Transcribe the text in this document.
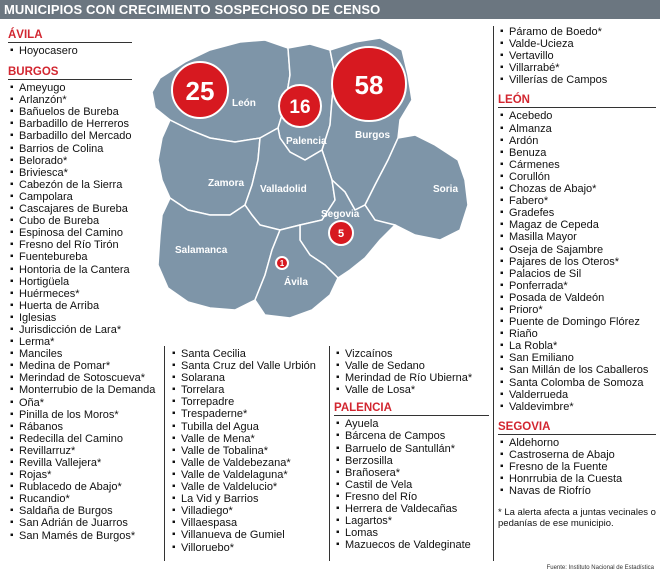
MUNICIPIOS CON CRECIMIENTO SOSPECHOSO DE CENSO
León
Palencia
Burgos
Zamora
Valladolid	Soria
Segovia
Salamanca
Ávila
25
16
58
5
1
ÁVILA
▪ Hoyocasero
BURGOS
▪ Ameyugo
▪ Arlanzón*
▪ Bañuelos de Bureba
▪ Barbadillo de Herreros
▪ Barbadillo del Mercado
▪ Barrios de Colina
▪ Belorado*
▪ Briviesca*
▪ Cabezón de la Sierra
▪ Campolara
▪ Cascajares de Bureba
▪ Cubo de Bureba
▪ Espinosa del Camino
▪ Fresno del Río Tirón
▪ Fuentebureba
▪ Hontoria de la Cantera
▪ Hortigüela
▪ Huérmeces*
▪ Huerta de Arriba
▪ Iglesias
▪ Jurisdicción de Lara*
▪ Lerma*
▪ Manciles
▪ Medina de Pomar*
▪ Merindad de Sotoscueva*
▪ Monterrubio de la Demanda
▪ Oña*
▪ Pinilla de los Moros*
▪ Rábanos
▪ Redecilla del Camino
▪ Revillarruz*
▪ Revilla Vallejera*
▪ Rojas*
▪ Rublacedo de Abajo*
▪ Rucandio*
▪ Saldaña de Burgos
▪ San Adrián de Juarros
▪ San Mamés de Burgos*
▪ Santa Cecilia
▪ Santa Cruz del Valle Urbión
▪ Solarana
▪ Torrelara
▪ Torrepadre
▪ Trespaderne*
▪ Tubilla del Agua
▪ Valle de Mena*
▪ Valle de Tobalina*
▪ Valle de Valdebezana*
▪ Valle de Valdelaguna*
▪ Valle de Valdelucio*
▪ La Vid y Barrios
▪ Villadiego*
▪ Villaespasa
▪ Villanueva de Gumiel
▪ Villoruebo*
▪ Vizcaínos
▪ Valle de Sedano
▪ Merindad de Río Ubierna*
▪ Valle de Losa*
PALENCIA
▪ Ayuela
▪ Bárcena de Campos
▪ Barruelo de Santullán*
▪ Berzosilla
▪ Brañosera*
▪ Castil de Vela
▪ Fresno del Río
▪ Herrera de Valdecañas
▪ Lagartos*
▪ Lomas
▪ Mazuecos de Valdeginate
▪ Páramo de Boedo*
▪ Valde-Ucieza
▪ Vertavillo
▪ Villarrabé*
▪ Villerías de Campos
LEÓN
▪ Acebedo
▪ Almanza
▪ Ardón
▪ Benuza
▪ Cármenes
▪ Corullón
▪ Chozas de Abajo*
▪ Fabero*
▪ Gradefes
▪ Magaz de Cepeda
▪ Masilla Mayor
▪ Oseja de Sajambre
▪ Pajares de los Oteros*
▪ Palacios de Sil
▪ Ponferrada*
▪ Posada de Valdeón
▪ Prioro*
▪ Puente de Domingo Flórez
▪ Riaño
▪ La Robla*
▪ San Emiliano
▪ San Millán de los Caballeros
▪ Santa Colomba de Somoza
▪ Valderrueda
▪ Valdevimbre*
SEGOVIA
▪ Aldehorno
▪ Castroserna de Abajo
▪ Fresno de la Fuente
▪ Honrrubia de la Cuesta
▪ Navas de Riofrío
* La alerta afecta a juntas vecinales o pedanías de ese municipio.
Fuente: Instituto Nacional de Estadística
